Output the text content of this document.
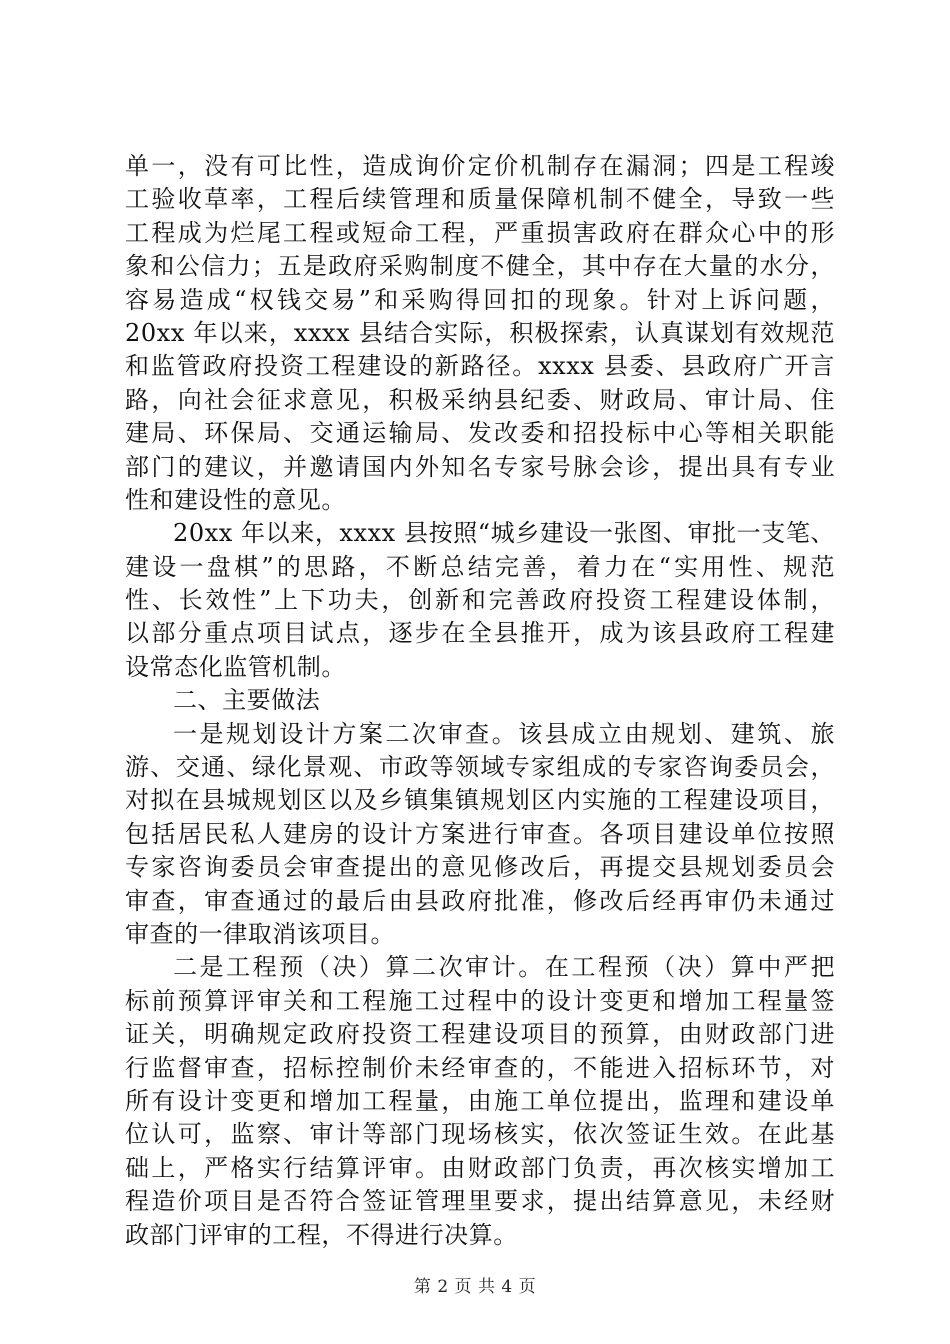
单一，没有可比性，造成询价定价机制存在漏洞；四是工程竣
工验收草率，工程后续管理和质量保障机制不健全，导致一些
工程成为烂尾工程或短命工程，严重损害政府在群众心中的形
象和公信力；五是政府采购制度不健全，其中存在大量的水分，
容易造成“权钱交易”和采购得回扣的现象。针对上诉问题，
20xx 年以来，xxxx 县结合实际，积极探索，认真谋划有效规范
和监管政府投资工程建设的新路径。xxxx 县委、县政府广开言
路，向社会征求意见，积极采纳县纪委、财政局、审计局、住
建局、环保局、交通运输局、发改委和招投标中心等相关职能
部门的建议，并邀请国内外知名专家号脉会诊，提出具有专业
性和建设性的意见。
20xx 年以来，xxxx 县按照“城乡建设一张图、审批一支笔、
建设一盘棋”的思路，不断总结完善，着力在“实用性、规范
性、长效性”上下功夫，创新和完善政府投资工程建设体制，
以部分重点项目试点，逐步在全县推开，成为该县政府工程建
设常态化监管机制。
二、主要做法
一是规划设计方案二次审查。该县成立由规划、建筑、旅
游、交通、绿化景观、市政等领域专家组成的专家咨询委员会，
对拟在县城规划区以及乡镇集镇规划区内实施的工程建设项目，
包括居民私人建房的设计方案进行审查。各项目建设单位按照
专家咨询委员会审查提出的意见修改后，再提交县规划委员会
审查，审查通过的最后由县政府批准，修改后经再审仍未通过
审查的一律取消该项目。
二是工程预（决）算二次审计。在工程预（决）算中严把
标前预算评审关和工程施工过程中的设计变更和增加工程量签
证关，明确规定政府投资工程建设项目的预算，由财政部门进
行监督审查，招标控制价未经审查的，不能进入招标环节，对
所有设计变更和增加工程量，由施工单位提出，监理和建设单
位认可，监察、审计等部门现场核实，依次签证生效。在此基
础上，严格实行结算评审。由财政部门负责，再次核实增加工
程造价项目是否符合签证管理里要求，提出结算意见，未经财
政部门评审的工程，不得进行决算。
第 2 页 共 4 页
